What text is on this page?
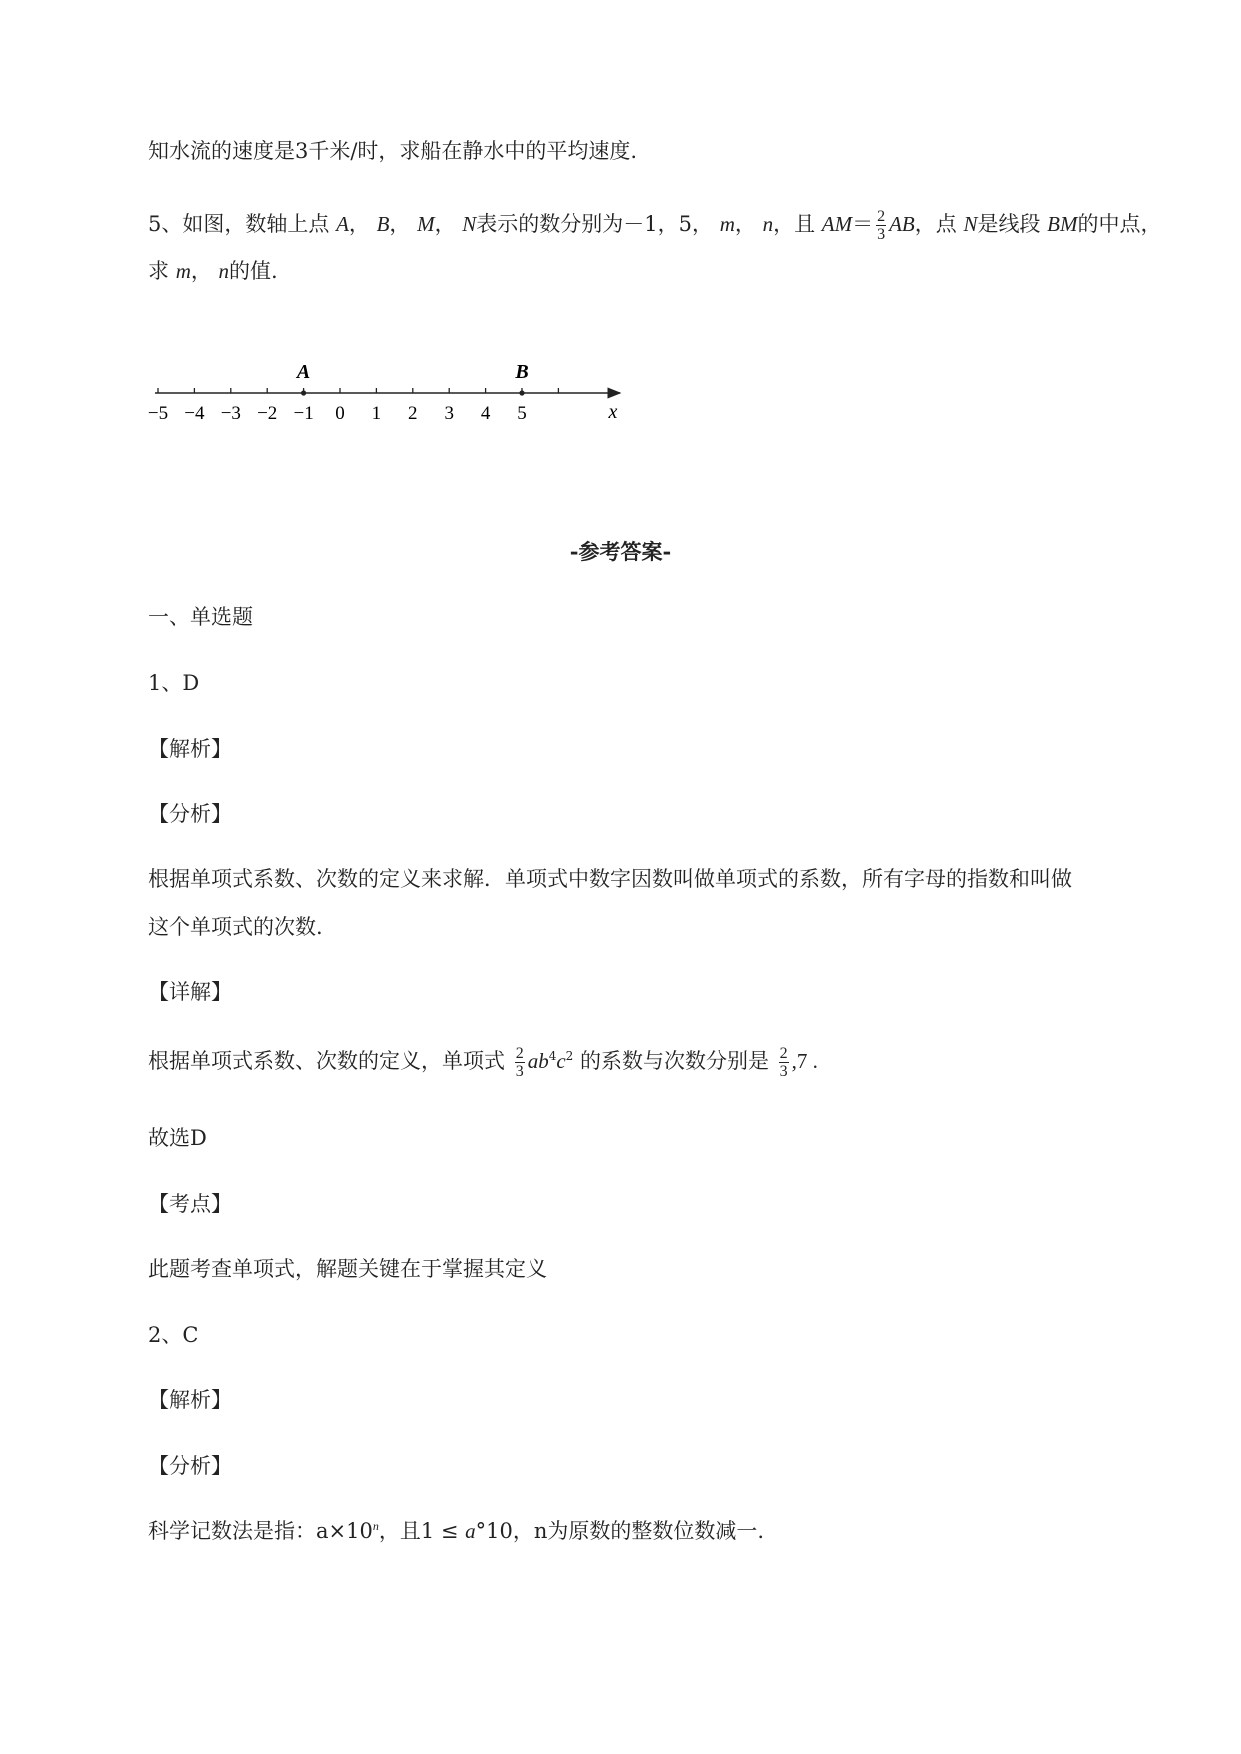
知水流的速度是3千米/时，求船在静水中的平均速度.
5、如图，数轴上点 A， B， M， N表示的数分别为－1，5， m， n，且 $AM= \frac{2}{3}$ AB，点 N是线段 BM的中点，
求 m， n的值.
−5 −4 −3 −2 −1 0 1 2 3 4 5
A	B
x
-参考答案-
一、单选题
1、D
【解析】
【分析】
根据单项式系数、次数的定义来求解．单项式中数字因数叫做单项式的系数，所有字母的指数和叫做
这个单项式的次数.
【详解】
根据单项式系数、次数的定义，单项式 $\frac{2}{3} ab^4c^2$ 的系数与次数分别是 $\frac{2}{3} ,7$ .
故选D
【考点】
此题考查单项式，解题关键在于掌握其定义
2、C
【解析】
【分析】
科学记数法是指：$a\times 10^n$，且1 ≤ a°10，n为原数的整数位数减一.
